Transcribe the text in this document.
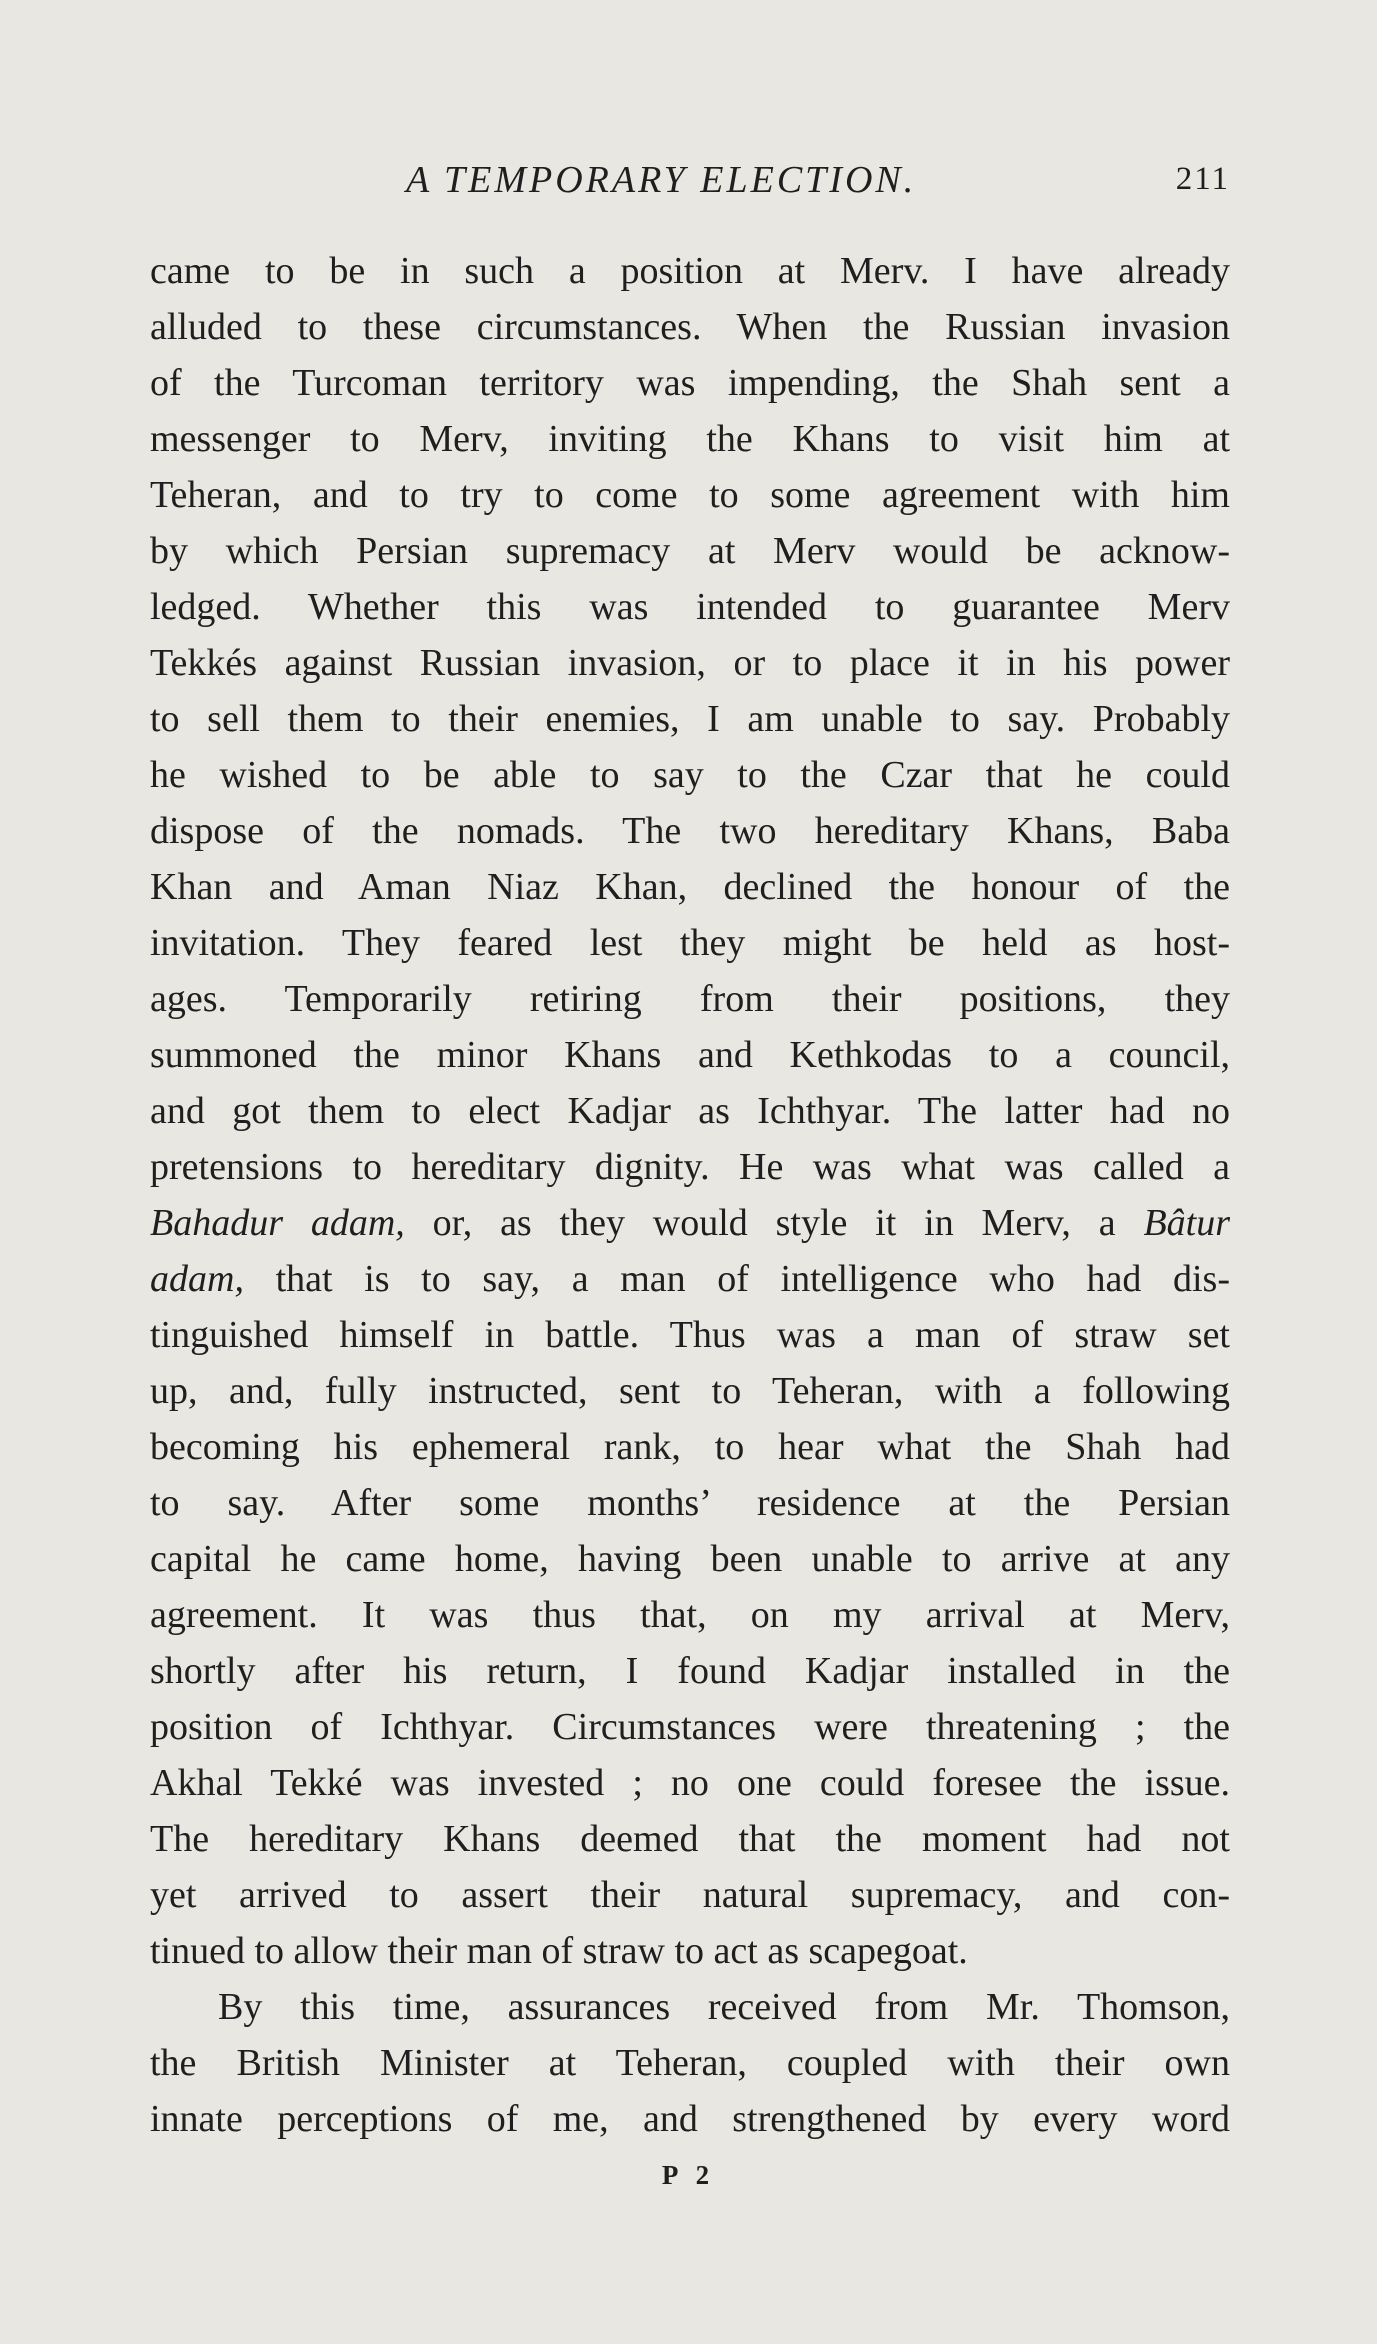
A TEMPORARY ELECTION.	211
came to be in such a position at Merv. I have already
alluded to these circumstances. When the Russian invasion
of the Turcoman territory was impending, the Shah sent a
messenger to Merv, inviting the Khans to visit him at
Teheran, and to try to come to some agreement with him
by which Persian supremacy at Merv would be acknow-
ledged. Whether this was intended to guarantee Merv
Tekkés against Russian invasion, or to place it in his power
to sell them to their enemies, I am unable to say. Probably
he wished to be able to say to the Czar that he could
dispose of the nomads. The two hereditary Khans, Baba
Khan and Aman Niaz Khan, declined the honour of the
invitation. They feared lest they might be held as host-
ages. Temporarily retiring from their positions, they
summoned the minor Khans and Kethkodas to a council,
and got them to elect Kadjar as Ichthyar. The latter had no
pretensions to hereditary dignity. He was what was called a
Bahadur adam, or, as they would style it in Merv, a Bâtur
adam, that is to say, a man of intelligence who had dis-
tinguished himself in battle. Thus was a man of straw set
up, and, fully instructed, sent to Teheran, with a following
becoming his ephemeral rank, to hear what the Shah had
to say. After some months’ residence at the Persian
capital he came home, having been unable to arrive at any
agreement. It was thus that, on my arrival at Merv,
shortly after his return, I found Kadjar installed in the
position of Ichthyar. Circumstances were threatening ; the
Akhal Tekké was invested ; no one could foresee the issue.
The hereditary Khans deemed that the moment had not
yet arrived to assert their natural supremacy, and con-
tinued to allow their man of straw to act as scapegoat.
By this time, assurances received from Mr. Thomson,
the British Minister at Teheran, coupled with their own
innate perceptions of me, and strengthened by every word
P 2
